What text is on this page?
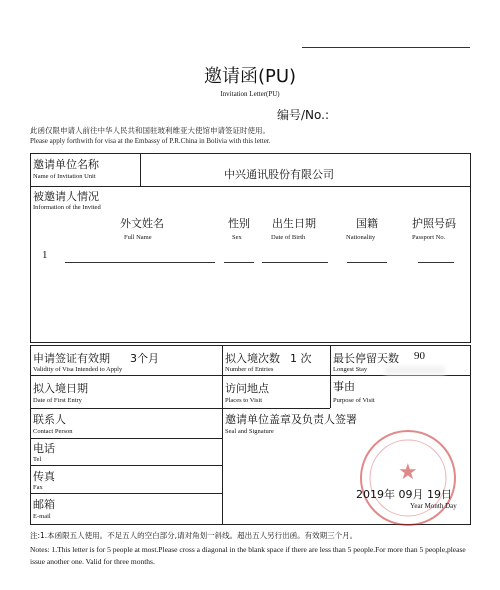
邀请函(PU)
Invitation Letter(PU)
编号/No.:
此函仅限申请人前往中华人民共和国驻玻利维亚大使馆申请签证时使用。
Please apply forthwith for visa at the Embassy of P.R.China in Bolivia with this letter.
邀请单位名称
Name of Invitation Unit	中兴通讯股份有限公司
被邀请人情况
Information of the Invited
外文姓名
Full Name
性别
Sex
出生日期
Date of Birth
国籍
Nationality
护照号码
Passport No.
1
申请签证有效期 3个月
Validity of Visa Intended to Apply
拟入境次数 1 次
Number of Entries
最长停留天数 90
Longest Stay
拟入境日期
Date of First Entry
访问地点
Places to Visit
事由
Purpose of Visit
联系人
Contact Person
邀请单位盖章及负责人签署
Seal and Signature
电话
Tel
传真
Fax
邮箱
E-mail
★
2019年 09月 19日
Year Month Day
注:1.本函限五人使用。不足五人的空白部分,请对角划一斜线。超出五人另行出函。有效期三个月。
Notes: 1.This letter is for 5 people at most.Please cross a diagonal in the blank space if there are less than 5 people.For more than 5 people,please issue another one. Valid for three months.
